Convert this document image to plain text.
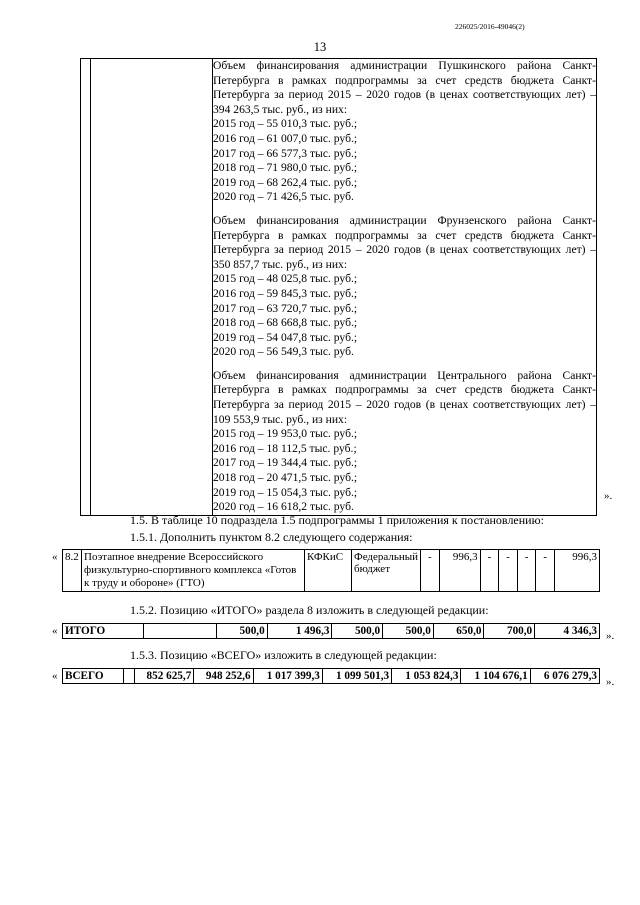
226025/2016-49046(2)
13

Объем финансирования администрации Пушкинского района Санкт-Петербурга в рамках подпрограммы за счет средств бюджета Санкт-Петербурга за период 2015 – 2020 годов (в ценах соответствующих лет) – 394 263,5 тыс. руб., из них:

2015 год – 55 010,3 тыс. руб.;
2016 год – 61 007,0 тыс. руб.;
2017 год – 66 577,3 тыс. руб.;
2018 год – 71 980,0 тыс. руб.;
2019 год – 68 262,4 тыс. руб.;
2020 год – 71 426,5 тыс. руб.

Объем финансирования администрации Фрунзенского района Санкт-Петербурга в рамках подпрограммы за счет средств бюджета Санкт-Петербурга за период 2015 – 2020 годов (в ценах соответствующих лет) – 350 857,7 тыс. руб., из них:

2015 год – 48 025,8 тыс. руб.;
2016 год – 59 845,3 тыс. руб.;
2017 год – 63 720,7 тыс. руб.;
2018 год – 68 668,8 тыс. руб.;
2019 год – 54 047,8 тыс. руб.;
2020 год – 56 549,3 тыс. руб.

Объем финансирования администрации Центрального района Санкт-Петербурга в рамках подпрограммы за счет средств бюджета Санкт-Петербурга за период 2015 – 2020 годов (в ценах соответствующих лет) – 109 553,9 тыс. руб., из них:

2015 год – 19 953,0 тыс. руб.;
2016 год – 18 112,5 тыс. руб.;
2017 год – 19 344,4 тыс. руб.;
2018 год – 20 471,5 тыс. руб.;
2019 год – 15 054,3 тыс. руб.;
2020 год – 16 618,2 тыс. руб.
».
1.5. В таблице 10 подраздела 1.5 подпрограммы 1 приложения к постановлению:
1.5.1. Дополнить пунктом 8.2 следующего содержания:
« 8.2	Поэтапное внедрение Всероссийского физкультурно-спортивного комплекса «Готов к труду и обороне» (ГТО)	КФКиС	Федеральный бюджет	-	996,3	-	-	-	-	996,3
1.5.2. Позицию «ИТОГО» раздела 8 изложить в следующей редакции:
« ИТОГО		500,0	1 496,3	500,0	500,0	650,0	700,0	4 346,3 ».
1.5.3. Позицию «ВСЕГО» изложить в следующей редакции:
« ВСЕГО		852 625,7	948 252,6	1 017 399,3	1 099 501,3	1 053 824,3	1 104 676,1	6 076 279,3 ».
